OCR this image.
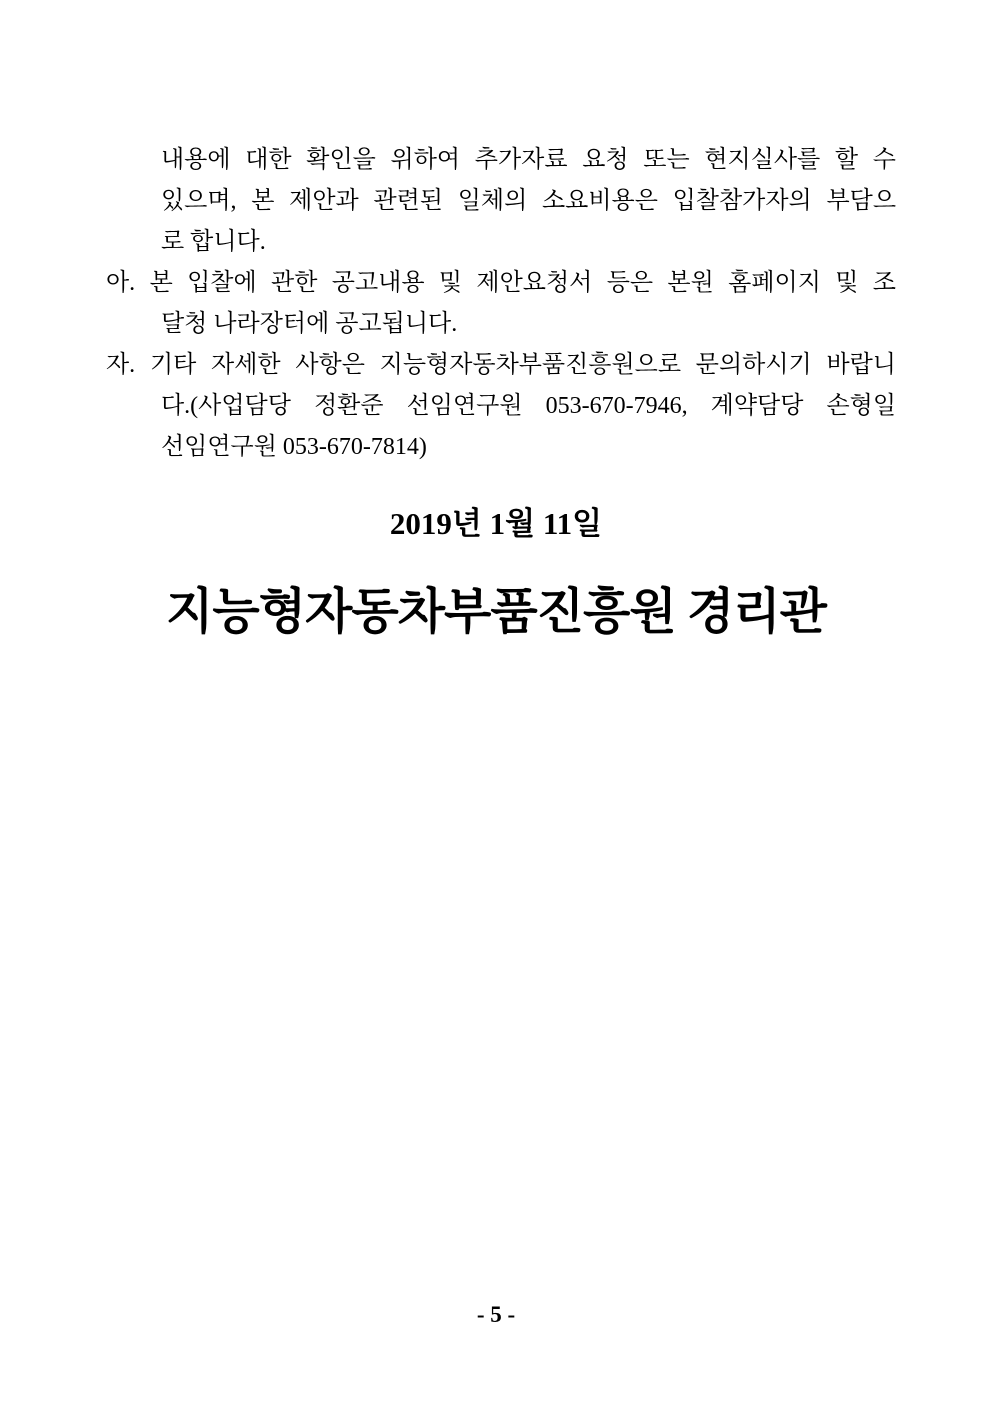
내용에 대한 확인을 위하여 추가자료 요청 또는 현지실사를 할 수
있으며, 본 제안과 관련된 일체의 소요비용은 입찰참가자의 부담으
로 합니다.
아. 본 입찰에 관한 공고내용 및 제안요청서 등은 본원 홈페이지 및 조
달청 나라장터에 공고됩니다.
자. 기타 자세한 사항은 지능형자동차부품진흥원으로 문의하시기 바랍니
다.(사업담당 정환준 선임연구원 053-670-7946, 계약담당 손형일
선임연구원 053-670-7814)
2019년 1월 11일
지능형자동차부품진흥원 경리관
- 5 -
